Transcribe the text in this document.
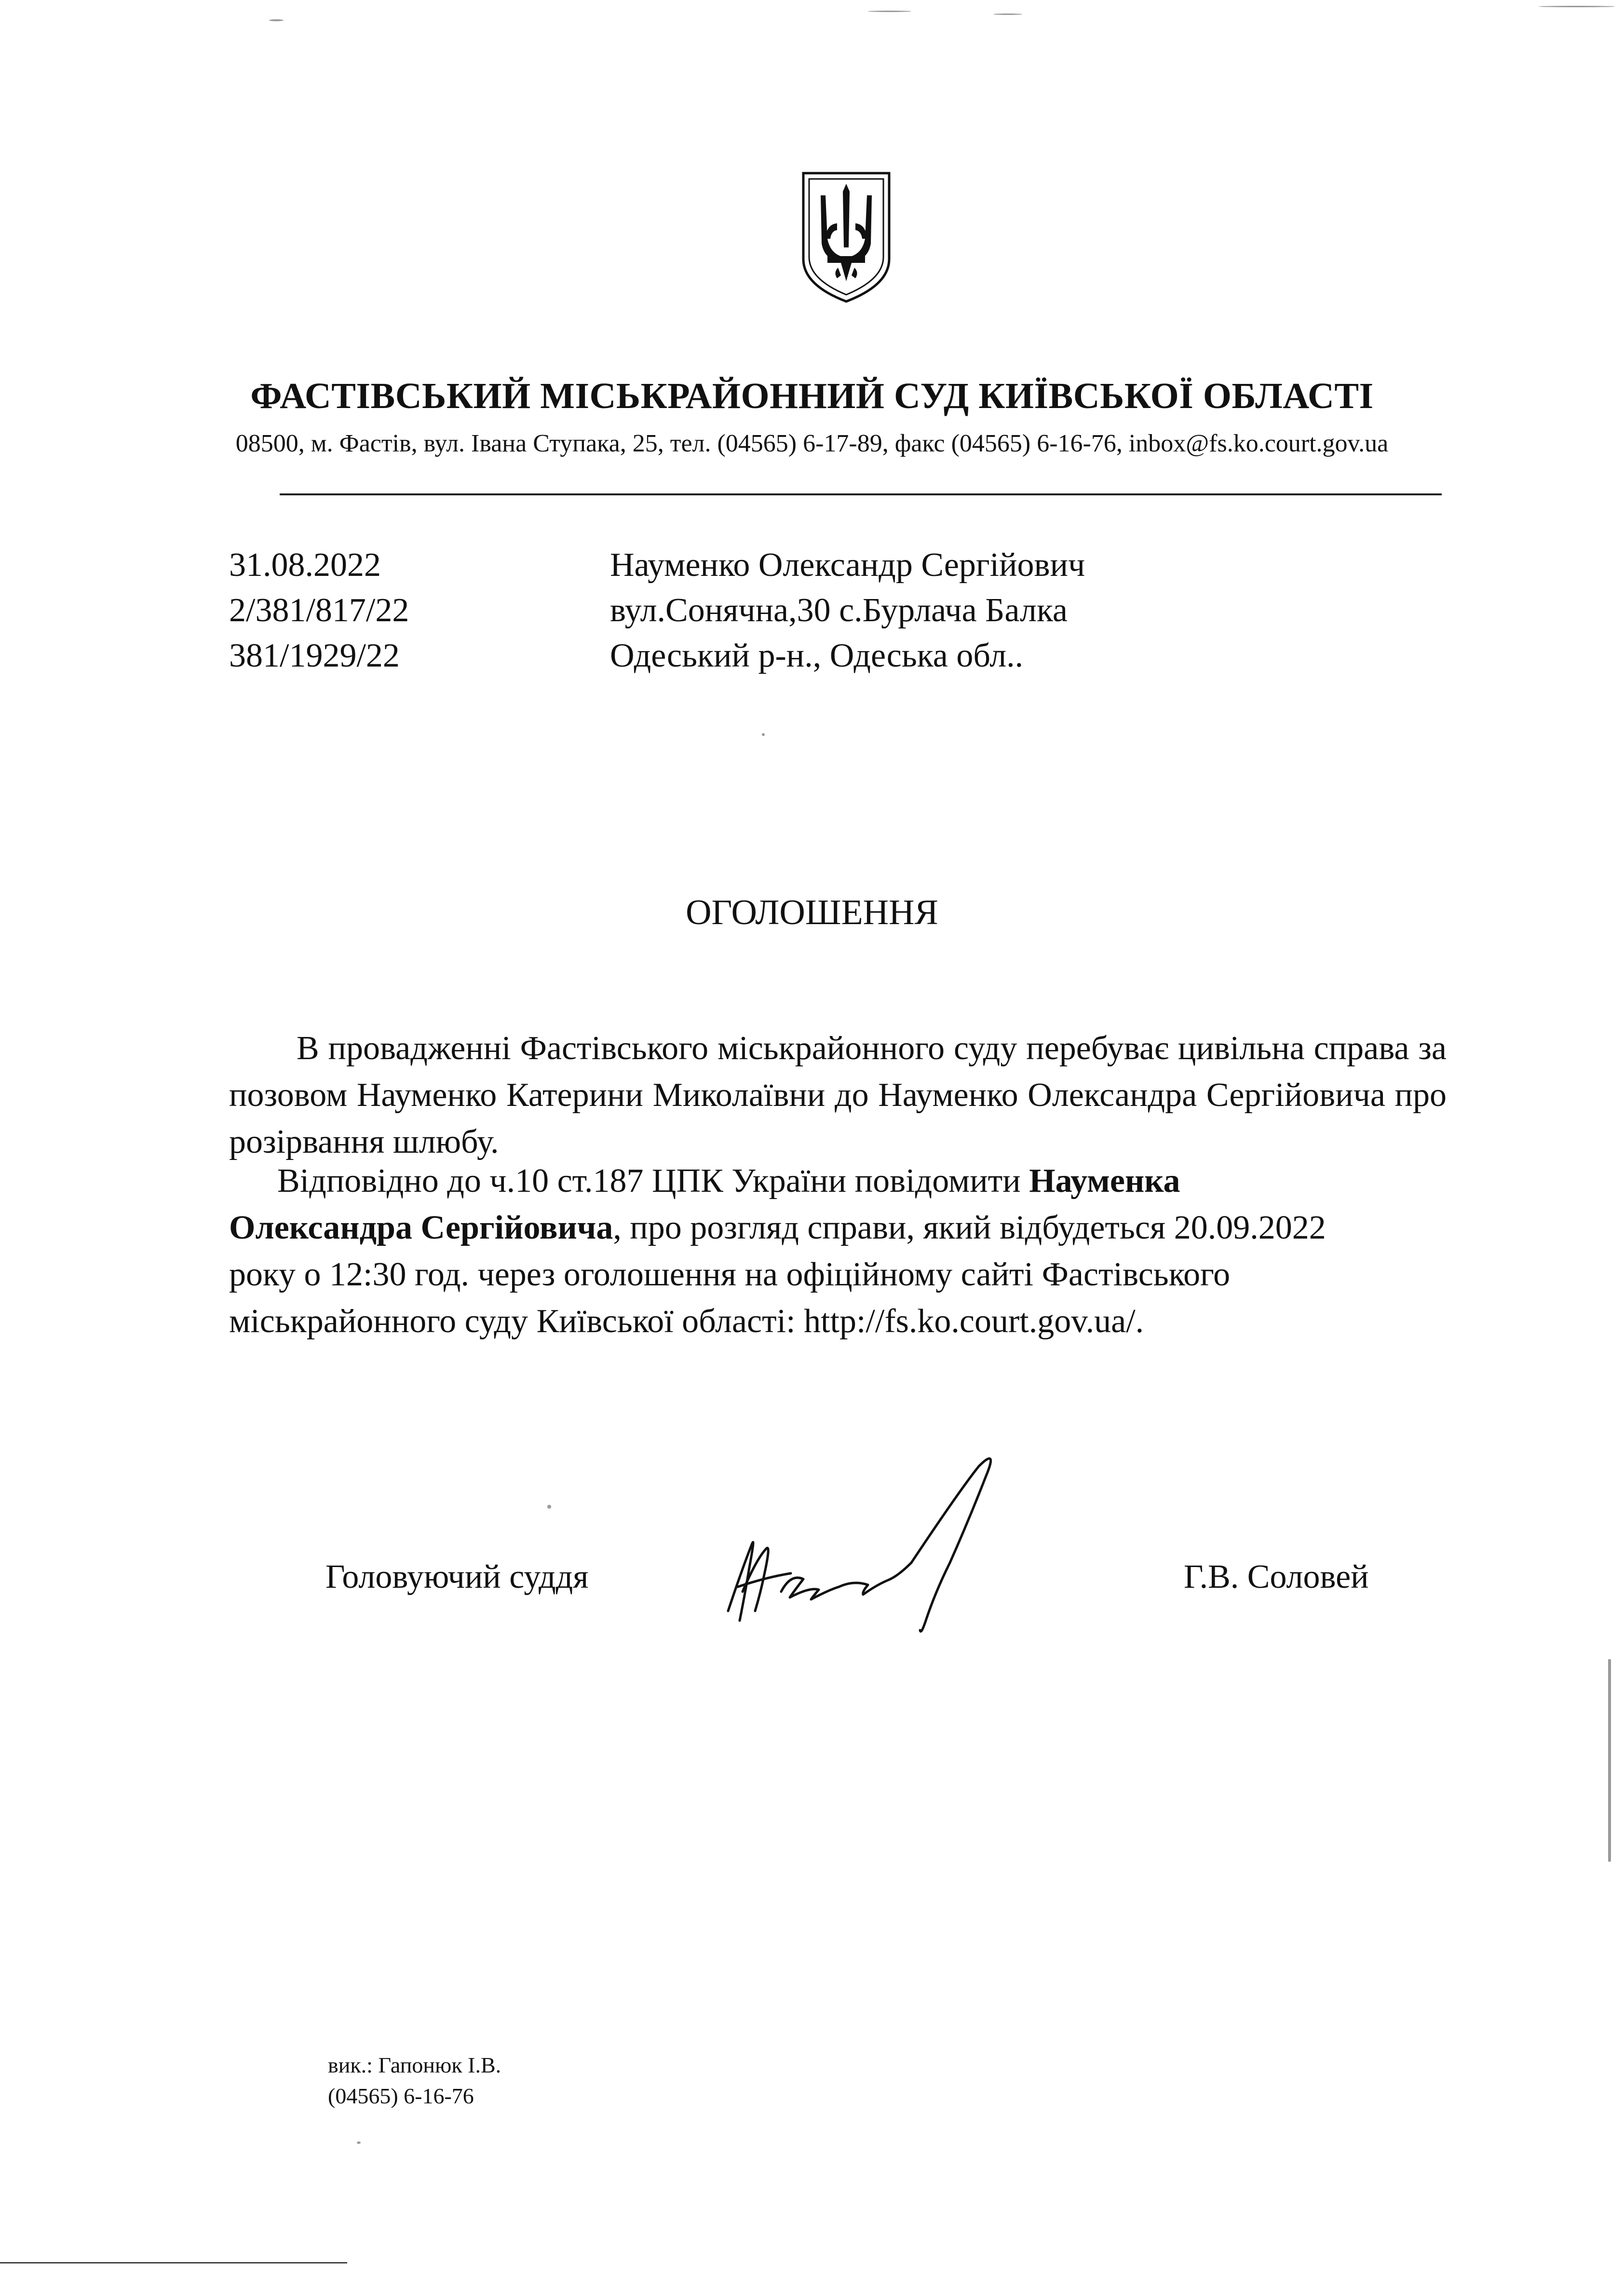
ФАСТІВСЬКИЙ МІСЬКРАЙОННИЙ СУД КИЇВСЬКОЇ ОБЛАСТІ
08500, м. Фастів, вул. Івана Ступака, 25, тел. (04565) 6-17-89, факс (04565) 6-16-76, inbox@fs.ko.court.gov.ua
31.08.2022
2/381/817/22
381/1929/22
Науменко Олександр Сергійович
вул.Сонячна,30 с.Бурлача Балка
Одеський р-н., Одеська обл..
ОГОЛОШЕННЯ
В провадженні Фастівського міськрайонного суду перебуває цивільна справа за позовом Науменко Катерини Миколаївни до Науменко Олександра Сергійовича про розірвання шлюбу.
Відповідно до ч.10 ст.187 ЦПК України повідомити Науменка
Олександра Сергійовича, про розгляд справи, який відбудеться 20.09.2022
року о 12:30 год. через оголошення на офіційному сайті Фастівського
міськрайонного суду Київської області: http://fs.ko.court.gov.ua/.
Головуючий суддя	Г.В. Соловей
вик.: Гапонюк І.В.
(04565) 6-16-76
